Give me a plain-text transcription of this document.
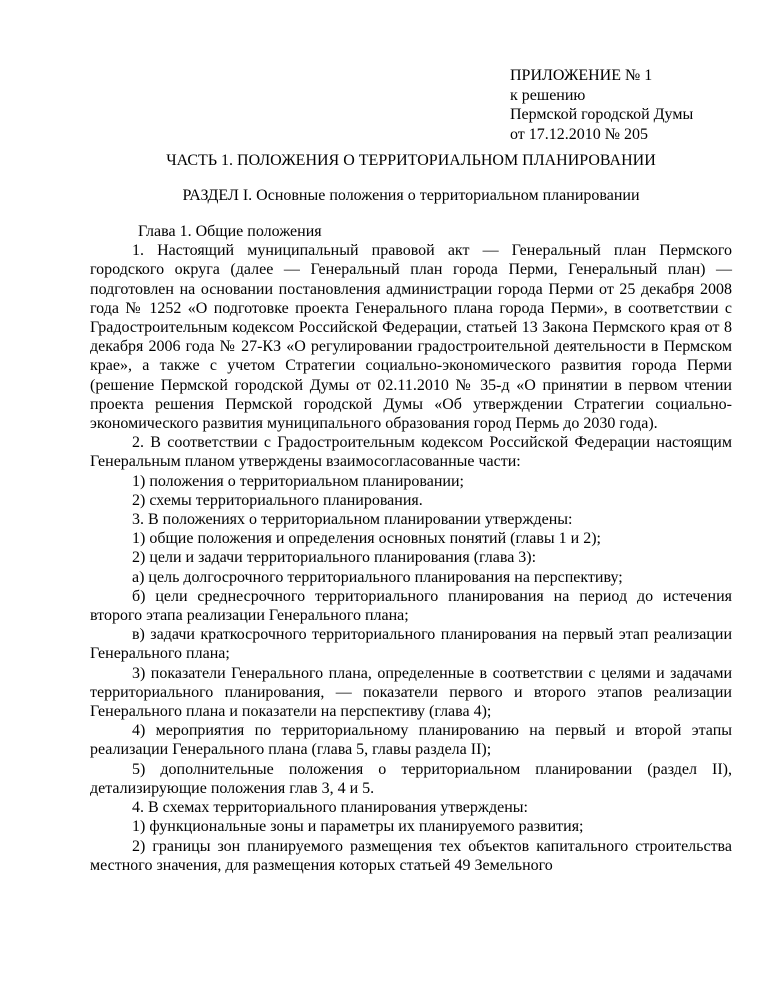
ПРИЛОЖЕНИЕ № 1
к решению
Пермской городской Думы
от 17.12.2010 № 205
ЧАСТЬ 1. ПОЛОЖЕНИЯ О ТЕРРИТОРИАЛЬНОМ ПЛАНИРОВАНИИ
РАЗДЕЛ I. Основные положения о территориальном планировании

Глава 1. Общие положения

1. Настоящий муниципальный правовой акт — Генеральный план Пермского городского округа (далее — Генеральный план города Перми, Генеральный план) — подготовлен на основании постановления администрации города Перми от 25 декабря 2008 года № 1252 «О подготовке проекта Генерального плана города Перми», в соответствии с Градостроительным кодексом Российской Федерации, статьей 13 Закона Пермского края от 8 декабря 2006 года № 27-КЗ «О регулировании градостроительной деятельности в Пермском крае», а также с учетом Стратегии социально-экономического развития города Перми (решение Пермской городской Думы от 02.11.2010 № 35-д «О принятии в первом чтении проекта решения Пермской городской Думы «Об утверждении Стратегии социально-экономического развития муниципального образования город Пермь до 2030 года).

2. В соответствии с Градостроительным кодексом Российской Федерации настоящим Генеральным планом утверждены взаимосогласованные части:

1) положения о территориальном планировании;

2) схемы территориального планирования.

3. В положениях о территориальном планировании утверждены:

1) общие положения и определения основных понятий (главы 1 и 2);

2) цели и задачи территориального планирования (глава 3):

а) цель долгосрочного территориального планирования на перспективу;

б) цели среднесрочного территориального планирования на период до истечения второго этапа реализации Генерального плана;

в) задачи краткосрочного территориального планирования на первый этап реализации Генерального плана;

3) показатели Генерального плана, определенные в соответствии с целями и задачами территориального планирования, — показатели первого и второго этапов реализации Генерального плана и показатели на перспективу (глава 4);

4) мероприятия по территориальному планированию на первый и второй этапы реализации Генерального плана (глава 5, главы раздела II);

5) дополнительные положения о территориальном планировании (раздел II), детализирующие положения глав 3, 4 и 5.

4. В схемах территориального планирования утверждены:

1) функциональные зоны и параметры их планируемого развития;

2) границы зон планируемого размещения тех объектов капитального строительства местного значения, для размещения которых статьей 49 Земельного
